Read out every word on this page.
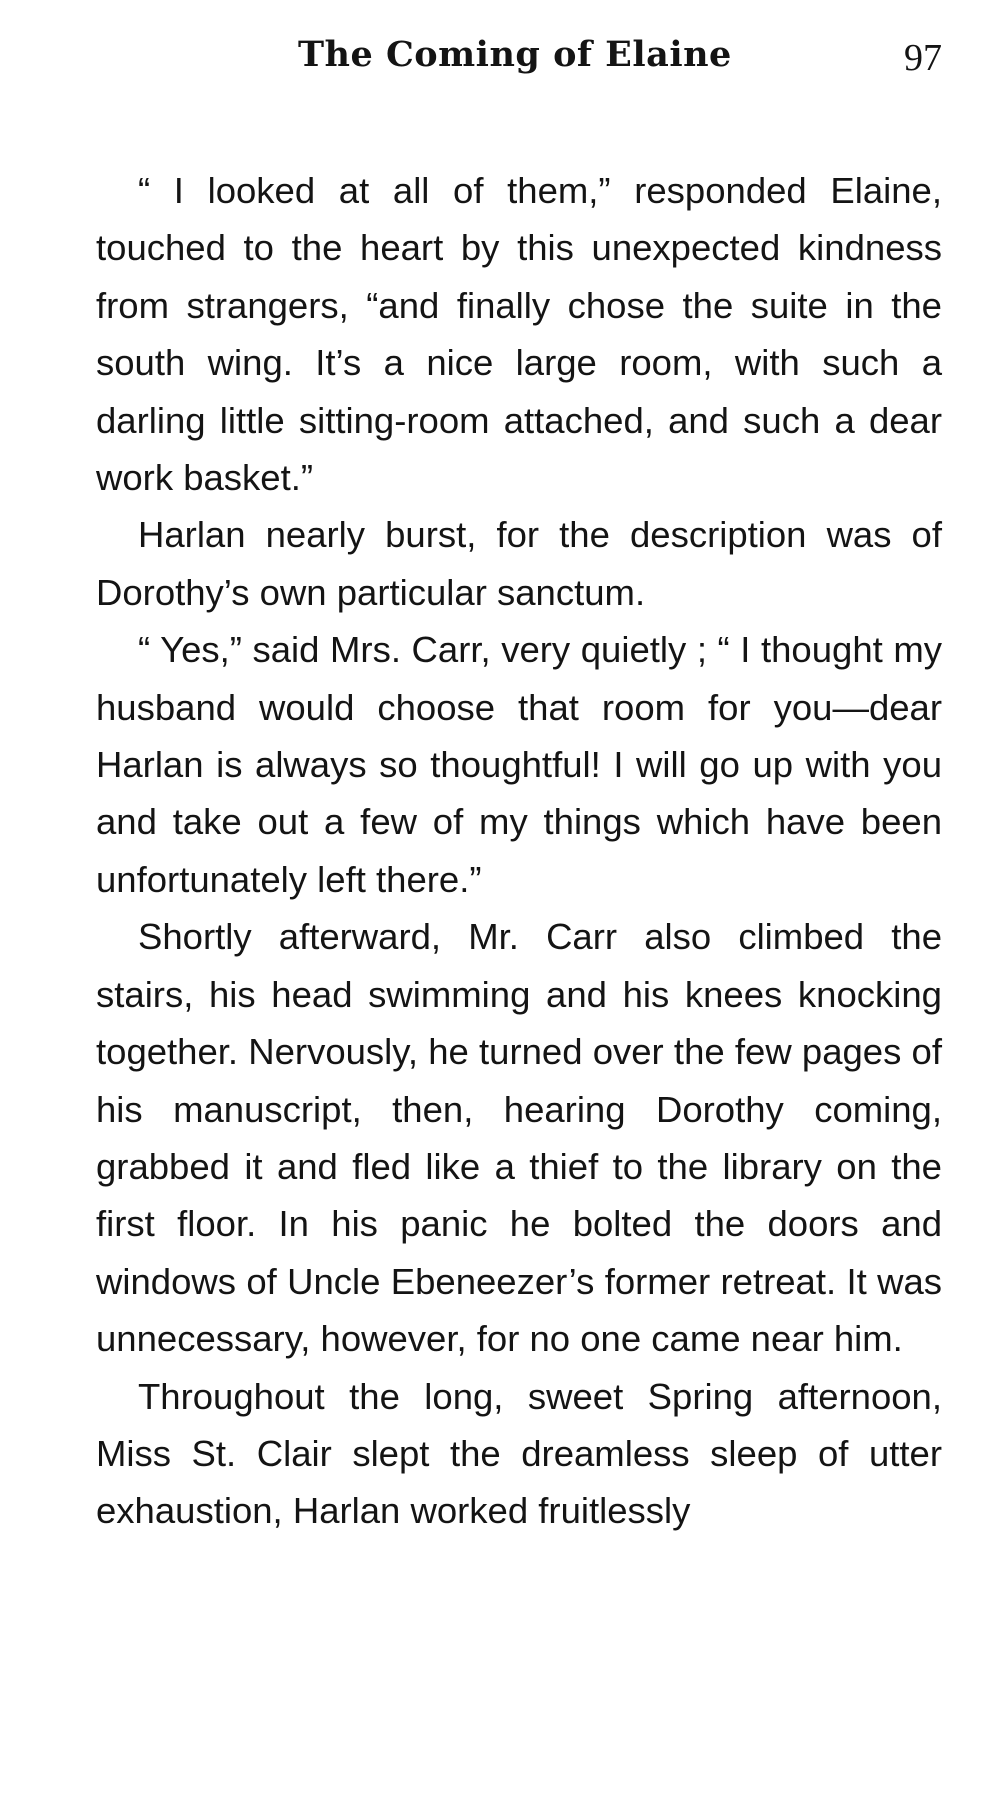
The Coming of Elaine	97

“ I looked at all of them,” responded Elaine, touched to the heart by this unexpected kindness from strangers, “and finally chose the suite in the south wing. It’s a nice large room, with such a darling little sitting-room attached, and such a dear work basket.”

Harlan nearly burst, for the description was of Dorothy’s own particular sanctum.

“ Yes,” said Mrs. Carr, very quietly ; “ I thought my husband would choose that room for you—dear Harlan is always so thoughtful! I will go up with you and take out a few of my things which have been unfortunately left there.”

Shortly afterward, Mr. Carr also climbed the stairs, his head swimming and his knees knocking together. Nervously, he turned over the few pages of his manuscript, then, hearing Dorothy coming, grabbed it and fled like a thief to the library on the first floor. In his panic he bolted the doors and windows of Uncle Ebeneezer’s former retreat. It was unnecessary, however, for no one came near him.

Throughout the long, sweet Spring afternoon, Miss St. Clair slept the dreamless sleep of utter exhaustion, Harlan worked fruitlessly
